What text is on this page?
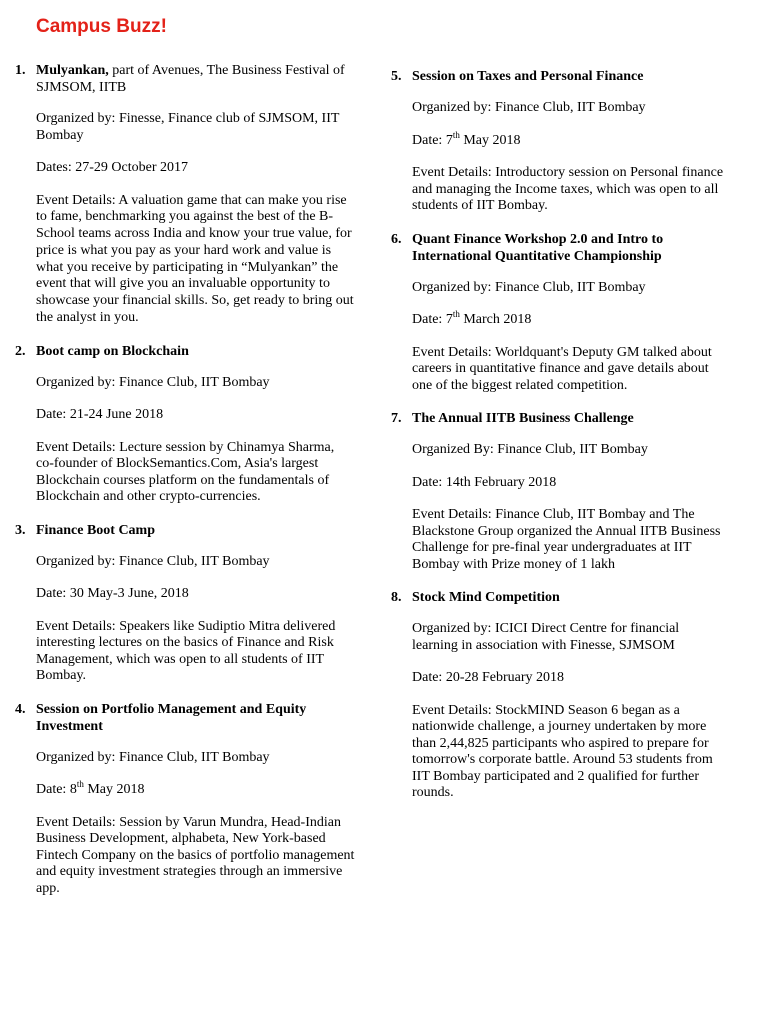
Campus Buzz!
1. Mulyankan, part of Avenues, The Business Festival of SJMSOM, IITB
Organized by: Finesse, Finance club of SJMSOM, IIT Bombay
Dates: 27-29 October 2017
Event Details: A valuation game that can make you rise to fame, benchmarking you against the best of the B-School teams across India and know your true value, for price is what you pay as your hard work and value is what you receive by participating in “Mulyankan” the event that will give you an invaluable opportunity to showcase your financial skills. So, get ready to bring out the analyst in you.
2. Boot camp on Blockchain
Organized by: Finance Club, IIT Bombay
Date: 21-24 June 2018
Event Details: Lecture session by Chinamya Sharma, co-founder of BlockSemantics.Com, Asia's largest Blockchain courses platform on the fundamentals of Blockchain and other crypto-currencies.
3. Finance Boot Camp
Organized by: Finance Club, IIT Bombay
Date: 30 May-3 June, 2018
Event Details: Speakers like Sudiptio Mitra delivered interesting lectures on the basics of Finance and Risk Management, which was open to all students of IIT Bombay.
4. Session on Portfolio Management and Equity Investment
Organized by: Finance Club, IIT Bombay
Date: 8th May 2018
Event Details: Session by Varun Mundra, Head-Indian Business Development, alphabeta, New York-based Fintech Company on the basics of portfolio management and equity investment strategies through an immersive app.
5. Session on Taxes and Personal Finance
Organized by: Finance Club, IIT Bombay
Date: 7th May 2018
Event Details: Introductory session on Personal finance and managing the Income taxes, which was open to all students of IIT Bombay.
6. Quant Finance Workshop 2.0 and Intro to International Quantitative Championship
Organized by: Finance Club, IIT Bombay
Date: 7th March 2018
Event Details: Worldquant's Deputy GM talked about careers in quantitative finance and gave details about one of the biggest related competition.
7. The Annual IITB Business Challenge
Organized By: Finance Club, IIT Bombay
Date: 14th February 2018
Event Details: Finance Club, IIT Bombay and The Blackstone Group organized the Annual IITB Business Challenge for pre-final year undergraduates at IIT Bombay with Prize money of 1 lakh
8. Stock Mind Competition
Organized by: ICICI Direct Centre for financial learning in association with Finesse, SJMSOM
Date: 20-28 February 2018
Event Details: StockMIND Season 6 began as a nationwide challenge, a journey undertaken by more than 2,44,825 participants who aspired to prepare for tomorrow's corporate battle. Around 53 students from IIT Bombay participated and 2 qualified for further rounds.
